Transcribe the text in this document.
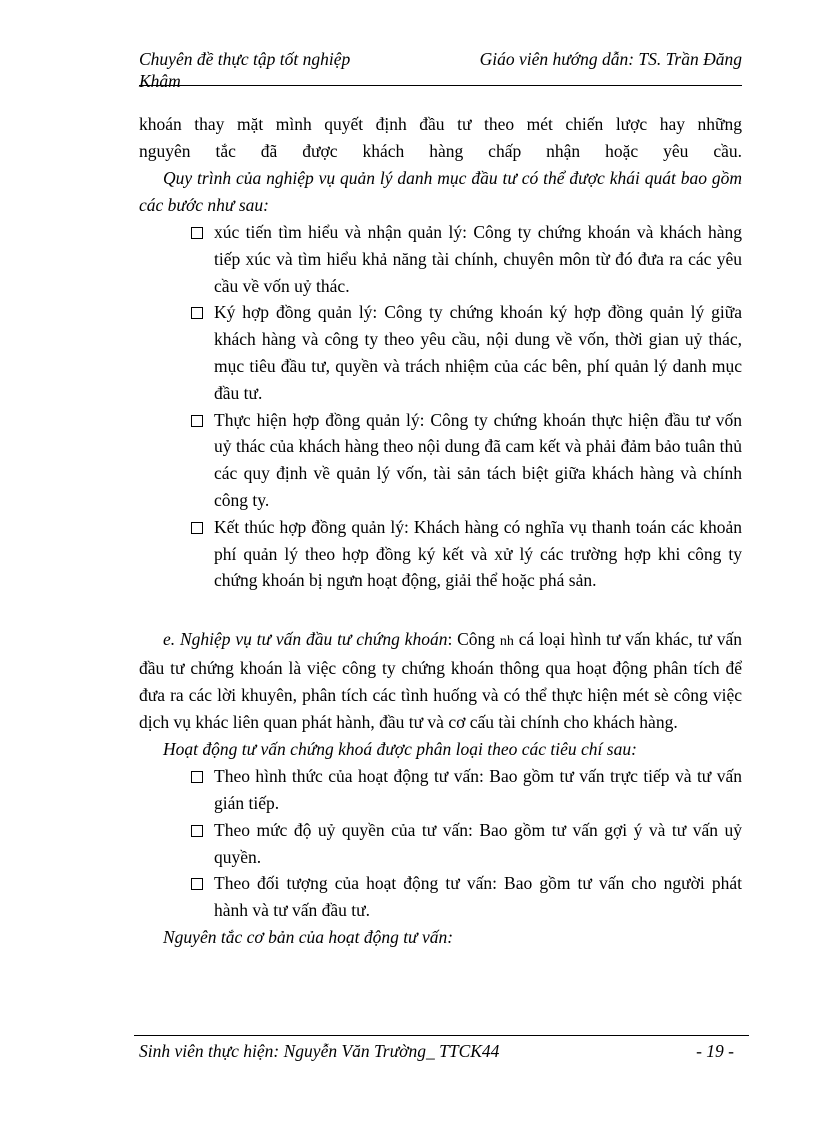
Chuyên đề thực tập tốt nghiệp	Giáo viên hướng dẫn: TS. Trần Đăng
Khâm

khoán thay mặt mình quyết định đầu tư theo mét chiến lược hay những

nguyên tắc đã được khách hàng chấp nhận hoặc yêu cầu.

Quy trình của nghiệp vụ quản lý danh mục đầu tư có thể được khái quát bao gồm các bước như sau:

xúc tiến tìm hiểu và nhận quản lý: Công ty chứng khoán và khách hàng tiếp xúc và tìm hiểu khả năng tài chính, chuyên môn từ đó đưa ra các yêu cầu về vốn uỷ thác.
Ký hợp đồng quản lý: Công ty chứng khoán ký hợp đồng quản lý giữa khách hàng và công ty theo yêu cầu, nội dung về vốn, thời gian uỷ thác, mục tiêu đầu tư, quyền và trách nhiệm của các bên, phí quản lý danh mục đầu tư.
Thực hiện hợp đồng quản lý: Công ty chứng khoán thực hiện đầu tư vốn uỷ thác của khách hàng theo nội dung đã cam kết và phải đảm bảo tuân thủ các quy định về quản lý vốn, tài sản tách biệt giữa khách hàng và chính công ty.
Kết thúc hợp đồng quản lý: Khách hàng có nghĩa vụ thanh toán các khoản phí quản lý theo hợp đồng ký kết và xử lý các trường hợp khi công ty chứng khoán bị ngưn hoạt động, giải thể hoặc phá sản.

e. Nghiệp vụ tư vấn đầu tư chứng khoán: Công nh cá loại hình tư vấn khác, tư vấn đầu tư chứng khoán là việc công ty chứng khoán thông qua hoạt động phân tích để đưa ra các lời khuyên, phân tích các tình huống và có thể thực hiện mét sè công việc dịch vụ khác liên quan phát hành, đầu tư và cơ cấu tài chính cho khách hàng.

Hoạt động tư vấn chứng khoá được phân loại theo các tiêu chí sau:

Theo hình thức của hoạt động tư vấn: Bao gồm tư vấn trực tiếp và tư vấn gián tiếp.
Theo mức độ uỷ quyền của tư vấn: Bao gồm tư vấn gợi ý và tư vấn uỷ quyền.
Theo đối tượng của hoạt động tư vấn: Bao gồm tư vấn cho người phát hành và tư vấn đầu tư.

Nguyên tắc cơ bản của hoạt động tư vấn:

Sinh viên thực hiện: Nguyễn Văn Trường_ TTCK44	- 19 -
